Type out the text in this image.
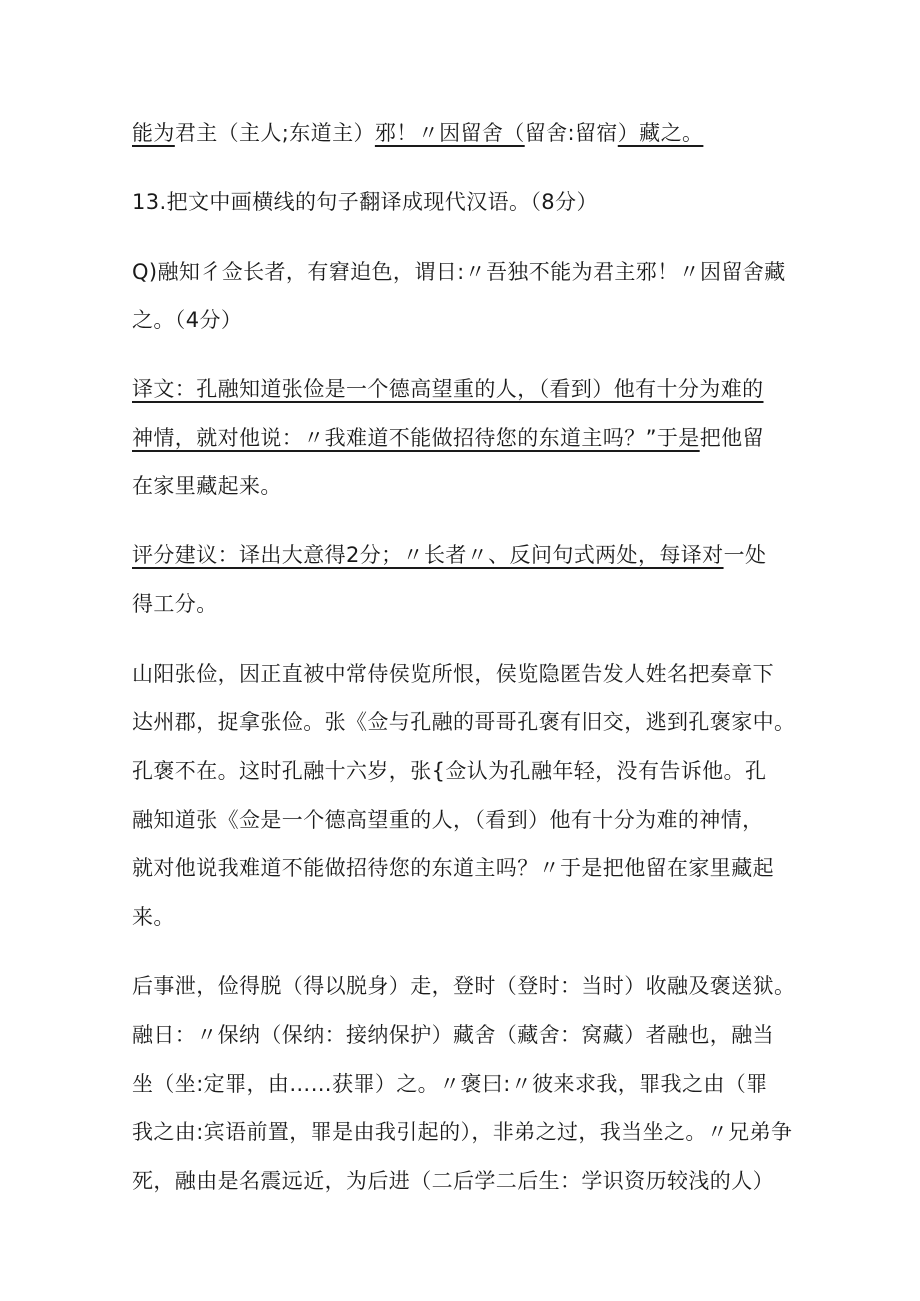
能为君主（主人;东道主）邪！〃因留舍（留舍:留宿）藏之。
13.把文中画横线的句子翻译成现代汉语。（8分）
Q)融知彳佥长者，有窘迫色，谓日:〃吾独不能为君主邪！〃因留舍藏
之。（4分）
译文：孔融知道张俭是一个德高望重的人，（看到）他有十分为难的
神情，就对他说：〃我难道不能做招待您的东道主吗？”于是把他留
在家里藏起来。
评分建议：译出大意得2分；〃长者〃、反问句式两处，每译对一处
得工分。
山阳张俭，因正直被中常侍侯览所恨，侯览隐匿告发人姓名把奏章下
达州郡，捉拿张俭。张《佥与孔融的哥哥孔褒有旧交，逃到孔褒家中。
孔褒不在。这时孔融十六岁，张{佥认为孔融年轻，没有告诉他。孔
融知道张《佥是一个德高望重的人，（看到）他有十分为难的神情，
就对他说我难道不能做招待您的东道主吗？〃于是把他留在家里藏起
来。
后事泄，俭得脱（得以脱身）走，登时（登时：当时）收融及褒送狱。
融日：〃保纳（保纳：接纳保护）藏舍（藏舍：窝藏）者融也，融当
坐（坐:定罪，由……获罪）之。〃褒曰:〃彼来求我，罪我之由（罪
我之由:宾语前置，罪是由我引起的），非弟之过，我当坐之。〃兄弟争
死，融由是名震远近，为后进（二后学二后生：学识资历较浅的人）
